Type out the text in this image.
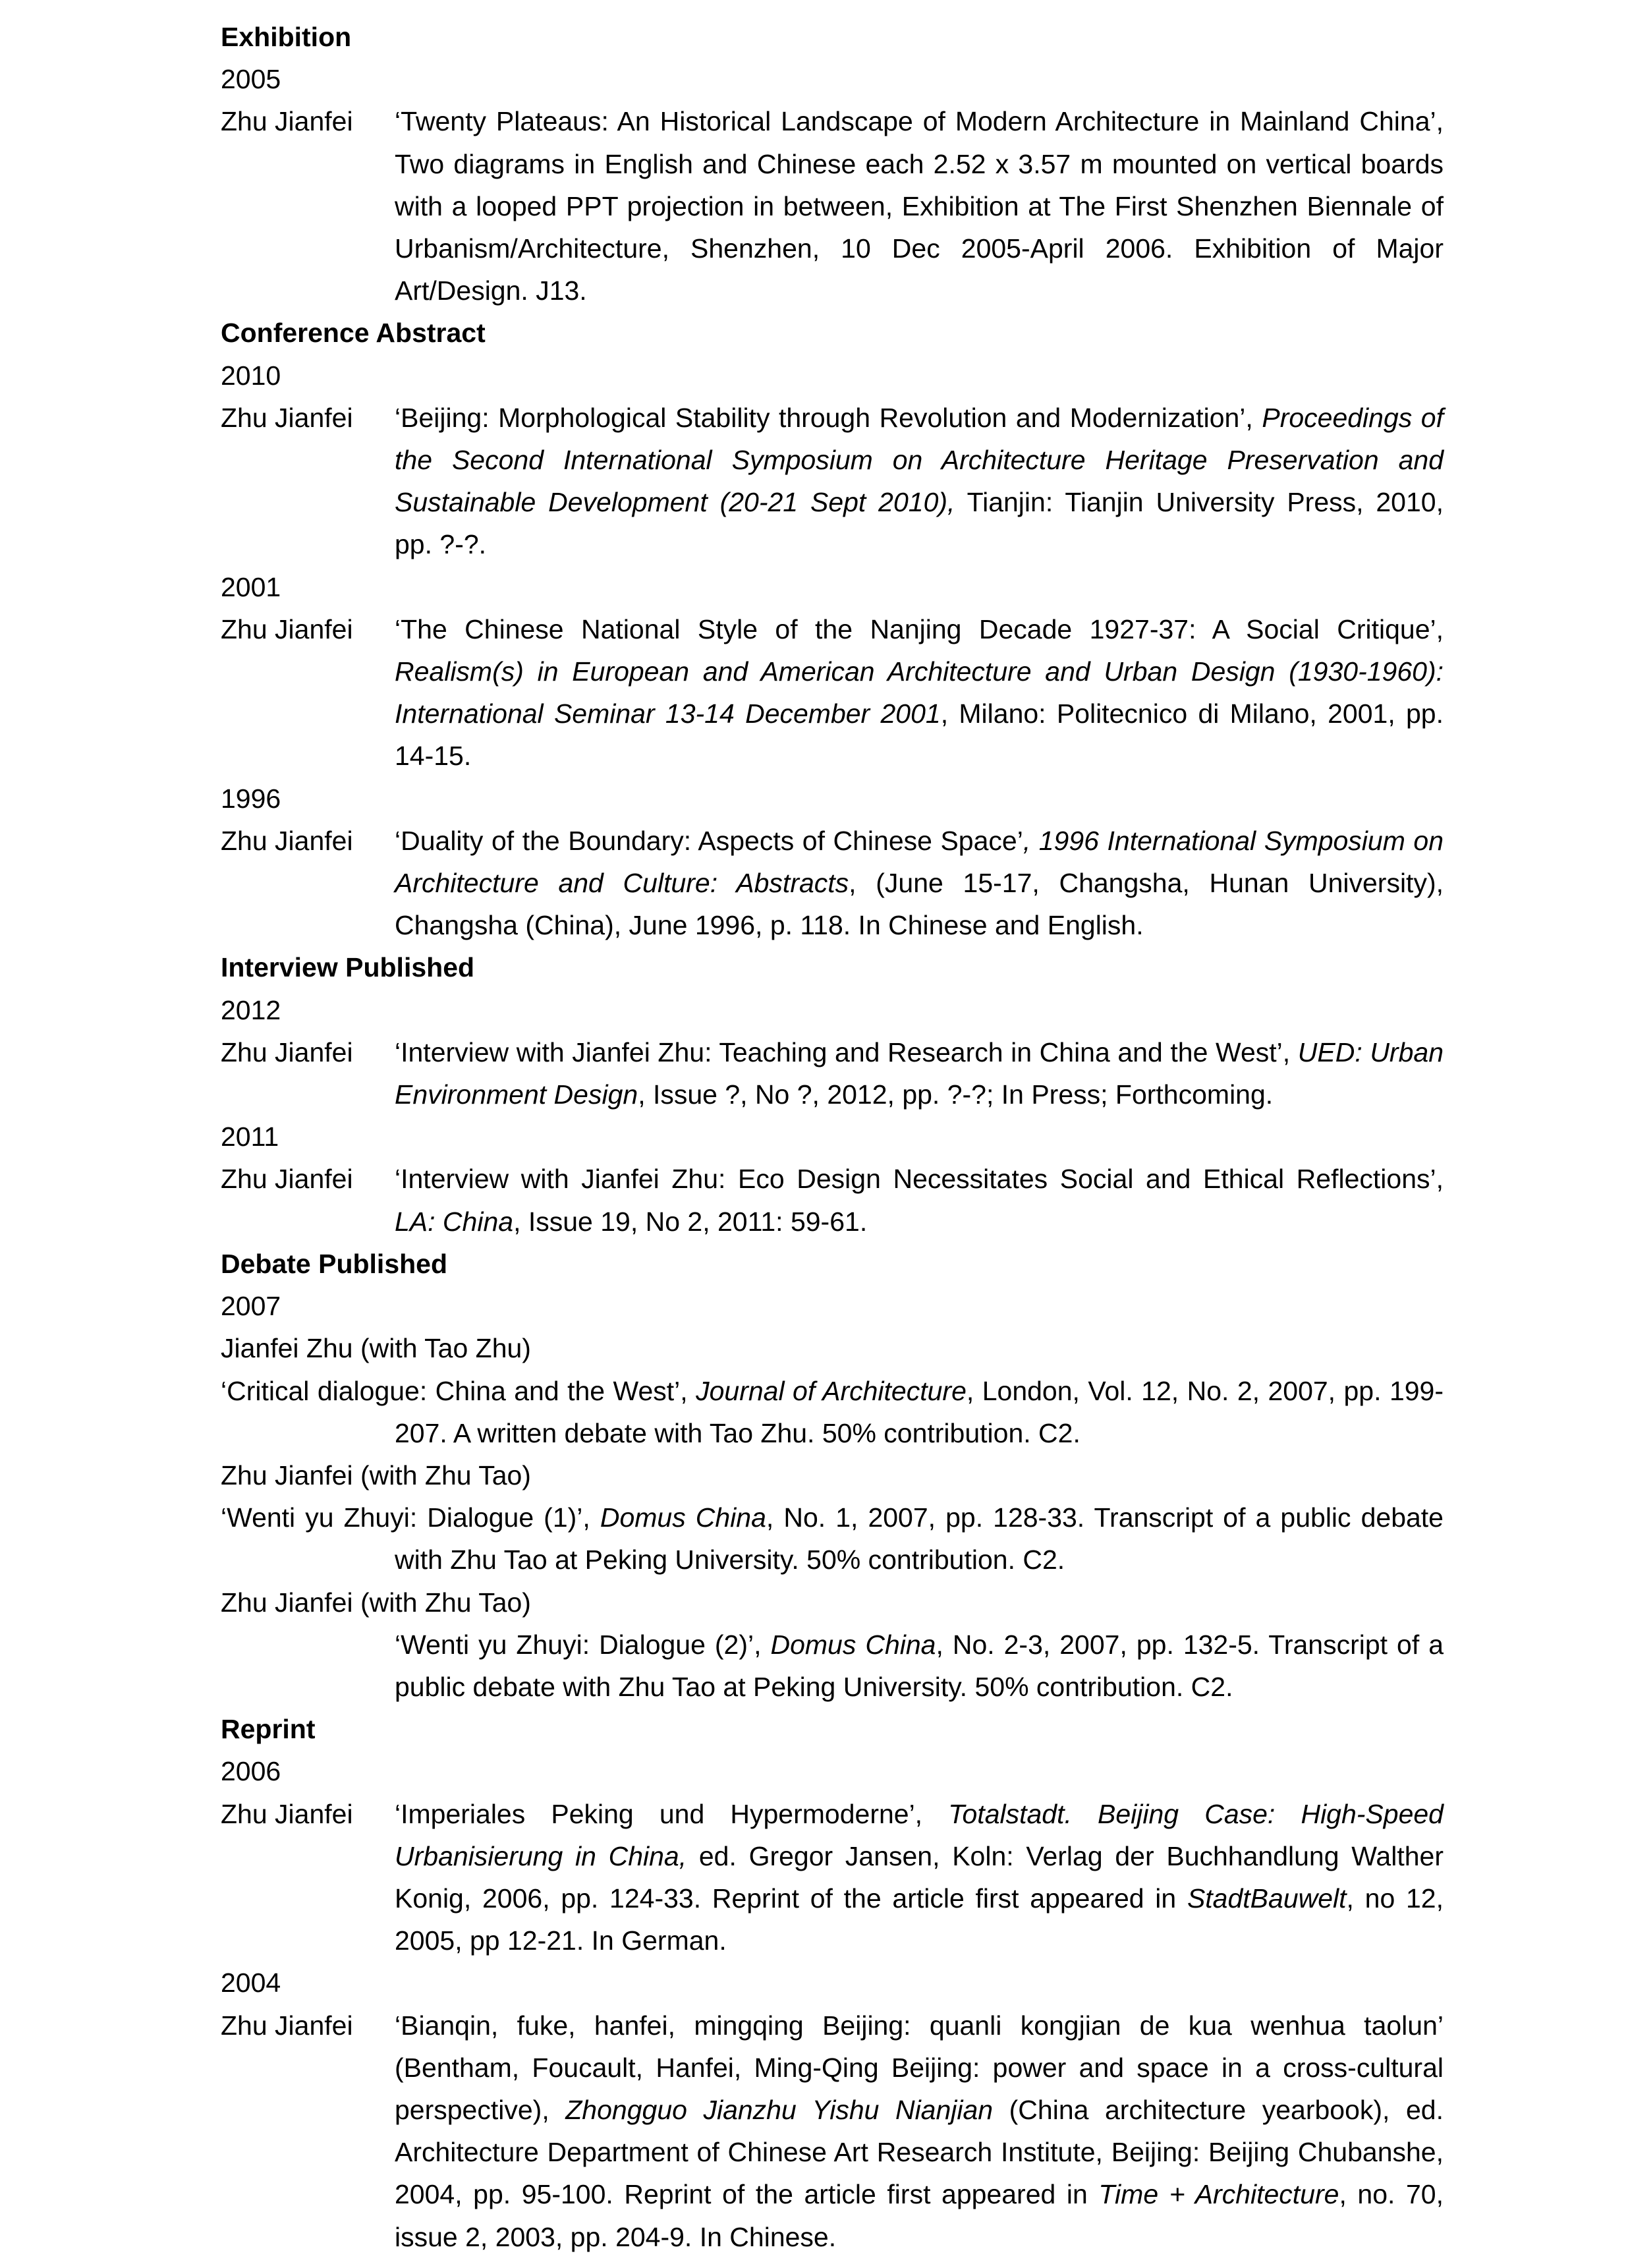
Exhibition
2005
Zhu Jianfei	‘Twenty Plateaus: An Historical Landscape of Modern Architecture in Mainland China’, Two diagrams in English and Chinese each 2.52 x 3.57 m mounted on vertical boards with a looped PPT projection in between, Exhibition at The First Shenzhen Biennale of Urbanism/Architecture, Shenzhen, 10 Dec 2005-April 2006. Exhibition of Major Art/Design. J13.
Conference Abstract
2010
Zhu Jianfei	‘Beijing: Morphological Stability through Revolution and Modernization’, Proceedings of the Second International Symposium on Architecture Heritage Preservation and Sustainable Development (20-21 Sept 2010), Tianjin: Tianjin University Press, 2010, pp. ?-?.
2001
Zhu Jianfei	‘The Chinese National Style of the Nanjing Decade 1927-37: A Social Critique’, Realism(s) in European and American Architecture and Urban Design (1930-1960): International Seminar 13-14 December 2001, Milano: Politecnico di Milano, 2001, pp. 14-15.
1996
Zhu Jianfei	‘Duality of the Boundary: Aspects of Chinese Space’, 1996 International Symposium on Architecture and Culture: Abstracts, (June 15-17, Changsha, Hunan University), Changsha (China), June 1996, p. 118. In Chinese and English.
Interview Published
2012
Zhu Jianfei	‘Interview with Jianfei Zhu: Teaching and Research in China and the West’, UED: Urban Environment Design, Issue ?, No ?, 2012, pp. ?-?; In Press; Forthcoming.
2011
Zhu Jianfei	‘Interview with Jianfei Zhu: Eco Design Necessitates Social and Ethical Reflections’, LA: China, Issue 19, No 2, 2011: 59-61.
Debate Published
2007
Jianfei Zhu (with Tao Zhu)
‘Critical dialogue: China and the West’, Journal of Architecture, London, Vol. 12, No. 2, 2007, pp. 199-207. A written debate with Tao Zhu. 50% contribution. C2.
Zhu Jianfei (with Zhu Tao)
‘Wenti yu Zhuyi: Dialogue (1)’, Domus China, No. 1, 2007, pp. 128-33. Transcript of a public debate with Zhu Tao at Peking University. 50% contribution. C2.
Zhu Jianfei (with Zhu Tao)
‘Wenti yu Zhuyi: Dialogue (2)’, Domus China, No. 2-3, 2007, pp. 132-5. Transcript of a public debate with Zhu Tao at Peking University. 50% contribution. C2.
Reprint
2006
Zhu Jianfei	‘Imperiales Peking und Hypermoderne’, Totalstadt. Beijing Case: High-Speed Urbanisierung in China, ed. Gregor Jansen, Koln: Verlag der Buchhandlung Walther Konig, 2006, pp. 124-33. Reprint of the article first appeared in StadtBauwelt, no 12, 2005, pp 12-21. In German.
2004
Zhu Jianfei	‘Bianqin, fuke, hanfei, mingqing Beijing: quanli kongjian de kua wenhua taolun’ (Bentham, Foucault, Hanfei, Ming-Qing Beijing: power and space in a cross-cultural perspective), Zhongguo Jianzhu Yishu Nianjian (China architecture yearbook), ed. Architecture Department of Chinese Art Research Institute, Beijing: Beijing Chubanshe, 2004, pp. 95-100. Reprint of the article first appeared in Time + Architecture, no. 70, issue 2, 2003, pp. 204-9. In Chinese.
